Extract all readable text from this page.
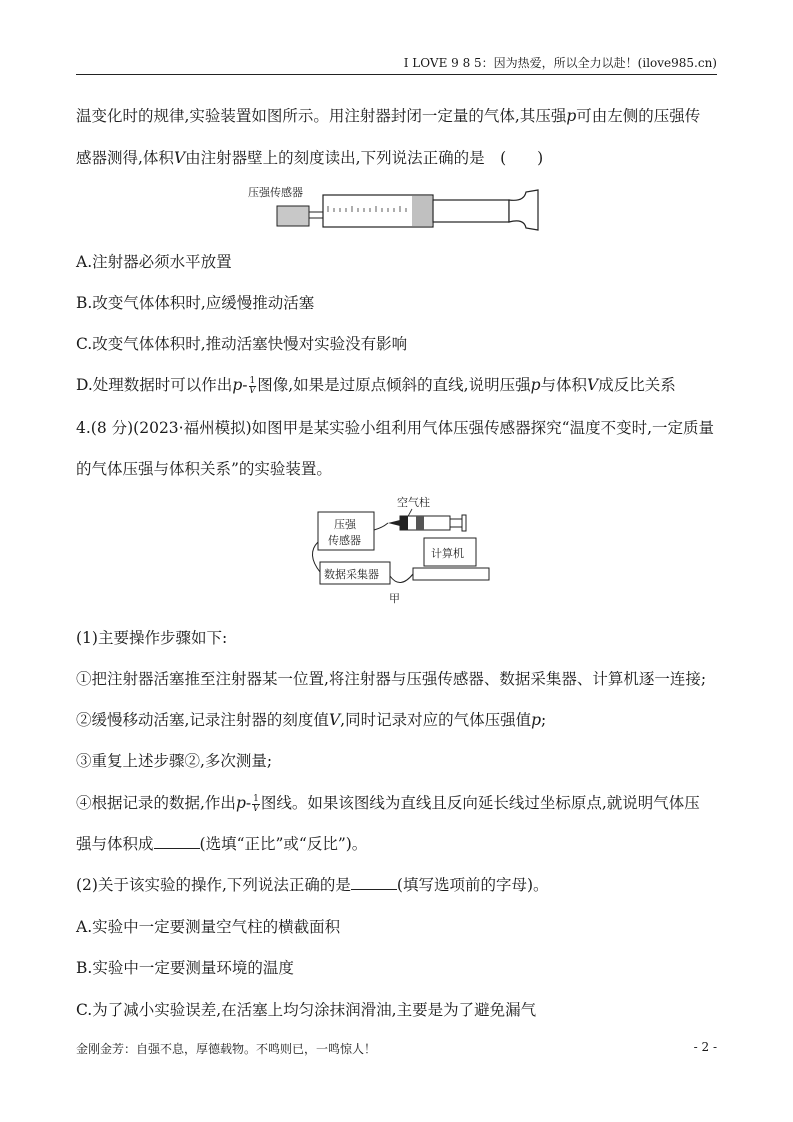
I LOVE 9 8 5：因为热爱，所以全力以赴！(ilove985.cn)
温变化时的规律,实验装置如图所示。用注射器封闭一定量的气体,其压强p可由左侧的压强传
感器测得,体积V由注射器壁上的刻度读出,下列说法正确的是　(　　)
压强传感器
A.注射器必须水平放置
B.改变气体体积时,应缓慢推动活塞
C.改变气体体积时,推动活塞快慢对实验没有影响
D.处理数据时可以作出$p- \frac{1}{V}$ 图像,如果是过原点倾斜的直线,说明压强p与体积V成反比关系
4.(8 分)(2023·福州模拟)如图甲是某实验小组利用气体压强传感器探究“温度不变时,一定质量
的气体压强与体积关系”的实验装置。
空气柱
压强
传感器
计算机
数据采集器
甲
(1)主要操作步骤如下:
①把注射器活塞推至注射器某一位置,将注射器与压强传感器、数据采集器、计算机逐一连接;
②缓慢移动活塞,记录注射器的刻度值V,同时记录对应的气体压强值p;
③重复上述步骤②,多次测量;
④根据记录的数据,作出$p- \frac{1}{V}$ 图线。如果该图线为直线且反向延长线过坐标原点,就说明气体压
强与体积成	(选填“正比”或“反比”)。
(2)关于该实验的操作,下列说法正确的是	(填写选项前的字母)。
A.实验中一定要测量空气柱的横截面积
B.实验中一定要测量环境的温度
C.为了减小实验误差,在活塞上均匀涂抹润滑油,主要是为了避免漏气
金刚金芳：自强不息，厚德载物。不鸣则已，一鸣惊人！	- 2 -
